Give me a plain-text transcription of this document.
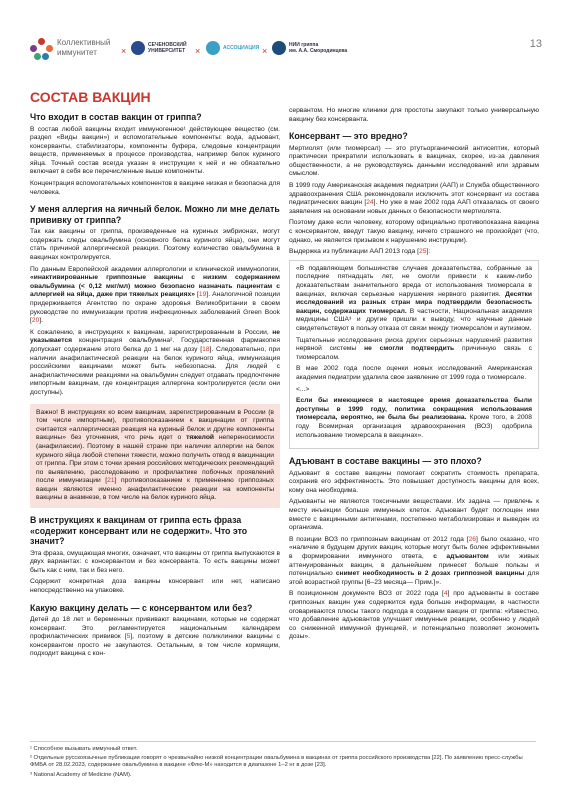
Коллективный
иммунитет	×
СЕЧЕНОВСКИЙ
УНИВЕРСИТЕТ ×	АССОЦИАЦИЯ ×
НИИ гриппа
им. А.А. Смородинцева
13
СОСТАВ ВАКЦИН
Что входит в состав вакцин от гриппа?

В состав любой вакцины входит иммуногенное¹ действующее вещество (см. раздел «Виды вакцин») и вспомогательные компоненты: вода, адъювант, консерванты, стабилизаторы, компоненты буфера, следовые концентрации веществ, применяемых в процессе производства, например белок куриного яйца. Точный состав всегда указан в инструкции к ней и не обязательно включает в себя все перечисленные выше компоненты.

Концентрация вспомогательных компонентов в вакцине низкая и безопасна для человека.

У меня аллергия на яичный белок. Можно ли мне делать прививку от гриппа?

Так как вакцины от гриппа, произведенные на куриных эмбрионах, могут содержать следы овальбумина (основного белка куриного яйца), они могут стать причиной аллергической реакции. Поэтому количество овальбумина в вакцинах контролируется.

По данным Европейской академии аллергологии и клинической иммунологии, «инактивированные гриппозные вакцины с низким содержанием овальбумина (< 0,12 мкг/мл) можно безопасно назначать пациентам с аллергией на яйца, даже при тяжелых реакциях» [19]. Аналогичной позиции придерживается Агентство по охране здоровья Великобритании в своем руководстве по иммунизации против инфекционных заболеваний Green Book [20].

К сожалению, в инструкциях к вакцинам, зарегистрированным в России, не указывается концентрация овальбумина². Государственная фармакопея допускает содержание этого белка до 1 мкг на дозу [18]. Следовательно, при наличии анафилактической реакции на белок куриного яйца, иммунизация российскими вакцинами может быть небезопасна. Для людей с анафилактическими реакциями на овальбумин следует отдавать предпочтение импортным вакцинам, где концентрация аллергена контролируется (если они доступны).

Важно! В инструкциях ко всем вакцинам, зарегистрированным в России (в том числе импортным), противопоказанием к вакцинации от гриппа считается «аллергическая реакция на куриный белок и другие компоненты вакцины» без уточнения, что речь идет о тяжелой непереносимости (анафилаксии). Поэтому в нашей стране при наличии аллергии на белок куриного яйца любой степени тяжести, можно получить отвод в вакцинации от гриппа. При этом с точки зрения российских методических рекомендаций по выявлению, расследованию и профилактике побочных проявлений после иммунизации [21] противопоказанием к применению гриппозных вакцин являются именно анафилактические реакции на компоненты вакцины в анамнезе, в том числе на белок куриного яйца.

В инструкциях к вакцинам от гриппа есть фраза «содержит консервант или не содержит». Что это значит?

Эта фраза, смущающая многих, означает, что вакцины от гриппа выпускаются в двух вариантах: с консервантом и без консерванта. То есть вакцины может быть как с ним, так и без него.

Содержит конкретная доза вакцины консервант или нет, написано непосредственно на упаковке.

Какую вакцину делать — с консервантом или без?

Детей до 18 лет и беременных прививают вакцинами, которые не содержат консервант. Это регламентируется национальным календарем профилактических прививок [5], поэтому в детские поликлиники вакцины с консервантом просто не закупаются. Остальным, в том числе кормящим, подходит вакцина с кон-

сервантом. Но многие клиники для простоты закупают только универсальную вакцину без консерванта.

Консервант — это вредно?

Мертиолят (или тиомерсал) — это ртутьорганический антисептик, который практически прекратили использовать в вакцинах, скорее, из-за давления общественности, а не руководствуясь данными исследований или здравым смыслом.

В 1999 году Американская академия педиатрии (ААП) и Служба общественного здравоохранения США рекомендовали исключить этот консервант из состава педиатрических вакцин [24]. Но уже в мае 2002 года ААП отказалась от своего заявления на основании новых данных о безопасности мертиолята.

Поэтому даже если человеку, которому официально противопоказана вакцина с консервантом, введут такую вакцину, ничего страшного не произойдет (что, однако, не является призывом к нарушению инструкции).

Выдержка из публикации ААП 2013 года [25]:

«В подавляющем большинстве случаев доказательства, собранные за последние пятнадцать лет, не смогли привести к каким-либо доказательствам значительного вреда от использования тиомерсала в вакцинах, включая серьезные нарушения нервного развития. Десятки исследований из разных стран мира подтвердили безопасность вакцин, содержащих тиомерсал. В частности, Национальная академия медицины США³ и другие пришли к выводу, что научные данные свидетельствуют в пользу отказа от связи между тиомерсалом и аутизмом.

Тщательные исследования риска других серьезных нарушений развития нервной системы не смогли подтвердить причинную связь с тиомерсалом.

В мае 2002 года после оценки новых исследований Американская академия педиатрии удалила свое заявление от 1999 года о тиомерсале.

<...>

Если бы имеющиеся в настоящее время доказательства были доступны в 1999 году, политика сокращения использования тиомерсала, вероятно, не была бы реализована. Кроме того, в 2008 году Всемирная организация здравоохранения (ВОЗ) одобрила использование тиомерсала в вакцинах».

Адъювант в составе вакцины — это плохо?

Адъювант в составе вакцины помогает сократить стоимость препарата, сохранив его эффективность. Это повышает доступность вакцины для всех, кому она необходима.

Адъюванты не являются токсичными веществами. Их задача — привлечь к месту инъекции больше иммунных клеток. Адъювант будет поглощен ими вместе с вакцинными антигенами, постепенно метаболизирован и выведен из организма.

В позиции ВОЗ по гриппозным вакцинам от 2012 года [26] было сказано, что «наличие в будущем других вакцин, которые могут быть более эффективными в формировании иммунного ответа, с адъювантом или живых аттенуированных вакцин, в дальнейшем принесет больше пользы и потенциально снимет необходимость в 2 дозах гриппозной вакцины для этой возрастной группы [6–23 месяца— Прим.]».

В позиционном документе ВОЗ от 2022 года [4] про адъюванты в составе гриппозных вакцин уже содержится куда больше информации, в частности оговариваются плюсы такого подхода в создании вакцин от гриппа: «Известно, что добавление адъювантов улучшает иммунные реакции, особенно у людей со сниженной иммунной функцией, и потенциально позволяет экономить дозы».

¹ Способное вызывать иммунный ответ.

² Отдельные русскоязычные публикации говорят о чрезвычайно низкой концентрации овальбумина в вакцинах от гриппа российского производства [22]. По заявлению пресс-службы ФМБА от 28.02.2023, содержание овальбумина в вакцине «Флю-М» находится в диапазоне 1–2 нг в дозе [23].

³ National Academy of Medicine (NAM).
